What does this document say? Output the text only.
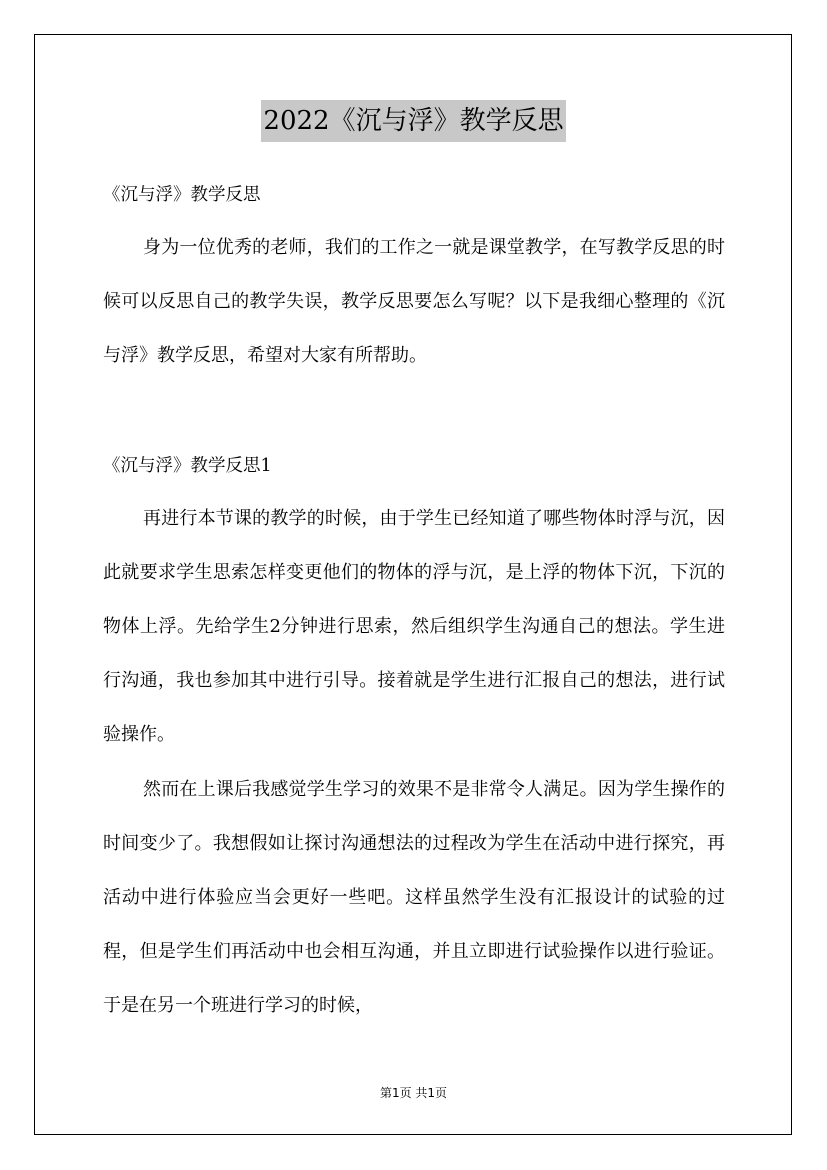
2022《沉与浮》教学反思
《沉与浮》教学反思

身为一位优秀的老师，我们的工作之一就是课堂教学，在写教学反思的时候可以反思自己的教学失误，教学反思要怎么写呢？以下是我细心整理的《沉与浮》教学反思，希望对大家有所帮助。

《沉与浮》教学反思1

再进行本节课的教学的时候，由于学生已经知道了哪些物体时浮与沉，因此就要求学生思索怎样变更他们的物体的浮与沉，是上浮的物体下沉，下沉的物体上浮。先给学生2分钟进行思索，然后组织学生沟通自己的想法。学生进行沟通，我也参加其中进行引导。接着就是学生进行汇报自己的想法，进行试验操作。

然而在上课后我感觉学生学习的效果不是非常令人满足。因为学生操作的时间变少了。我想假如让探讨沟通想法的过程改为学生在活动中进行探究，再活动中进行体验应当会更好一些吧。这样虽然学生没有汇报设计的试验的过程，但是学生们再活动中也会相互沟通，并且立即进行试验操作以进行验证。于是在另一个班进行学习的时候，

第1页 共1页
